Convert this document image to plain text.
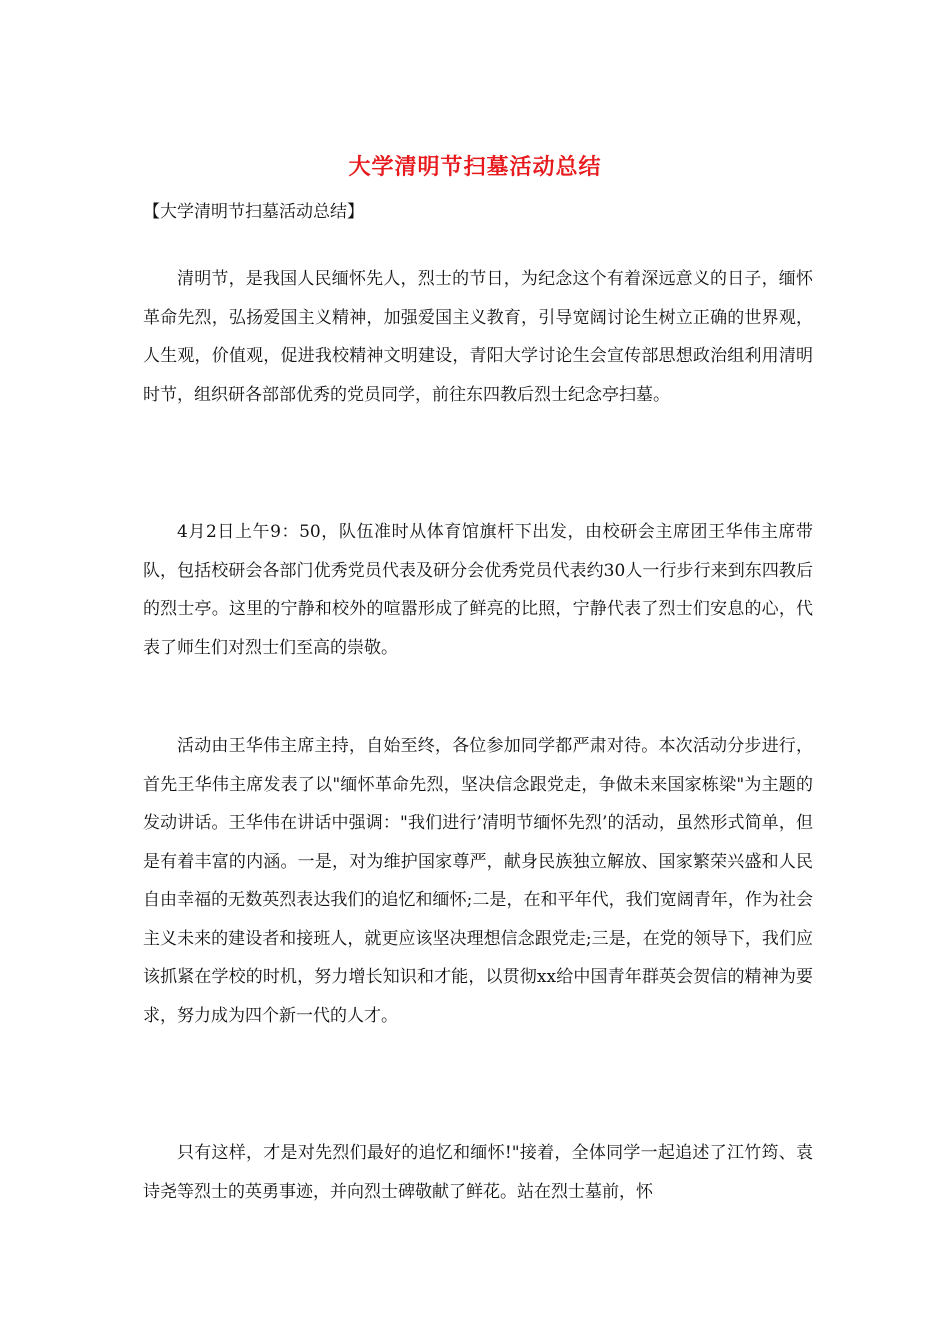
大学清明节扫墓活动总结

【大学清明节扫墓活动总结】

清明节，是我国人民缅怀先人，烈士的节日，为纪念这个有着深远意义的日子，缅怀革命先烈，弘扬爱国主义精神，加强爱国主义教育，引导宽阔讨论生树立正确的世界观，人生观，价值观，促进我校精神文明建设，青阳大学讨论生会宣传部思想政治组利用清明时节，组织研各部部优秀的党员同学，前往东四教后烈士纪念亭扫墓。

4月2日上午9：50，队伍准时从体育馆旗杆下出发，由校研会主席团王华伟主席带队，包括校研会各部门优秀党员代表及研分会优秀党员代表约30人一行步行来到东四教后的烈士亭。这里的宁静和校外的喧嚣形成了鲜亮的比照，宁静代表了烈士们安息的心，代表了师生们对烈士们至高的崇敬。

活动由王华伟主席主持，自始至终，各位参加同学都严肃对待。本次活动分步进行，首先王华伟主席发表了以"缅怀革命先烈，坚决信念跟党走，争做未来国家栋梁"为主题的发动讲话。王华伟在讲话中强调："我们进行’清明节缅怀先烈’的活动，虽然形式简单，但是有着丰富的内涵。一是，对为维护国家尊严，献身民族独立解放、国家繁荣兴盛和人民自由幸福的无数英烈表达我们的追忆和缅怀;二是，在和平年代，我们宽阔青年，作为社会主义未来的建设者和接班人，就更应该坚决理想信念跟党走;三是，在党的领导下，我们应该抓紧在学校的时机，努力增长知识和才能，以贯彻xx给中国青年群英会贺信的精神为要求，努力成为四个新一代的人才。

只有这样，才是对先烈们最好的追忆和缅怀!"接着，全体同学一起追述了江竹筠、袁诗尧等烈士的英勇事迹，并向烈士碑敬献了鲜花。站在烈士墓前，怀
